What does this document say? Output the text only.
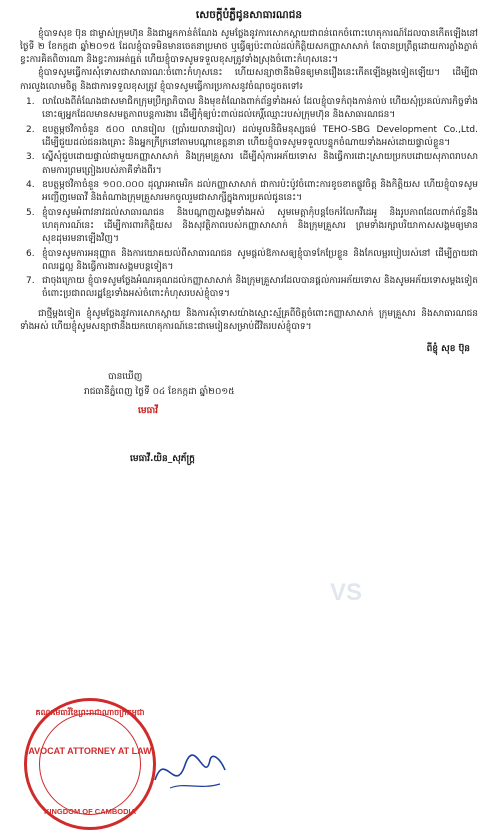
សេចក្តីបំភ្លឺជូនសាធារណជន

ខ្ញុំបាទសុខ ប៊ុន ជាម្ចាស់ក្រុមហ៊ុន និងជាអ្នកកាន់តំណែង សូមថ្លែងនូវការសោកស្តាយជាពន់ពេកចំពោះហេតុការណ៍ដែលបានកើតឡើងនៅថ្ងៃទី ២ ខែកក្កដា ឆ្នាំ២០១៥ ដែលខ្ញុំបាទមិនមានចេតនាប្រមាថ ឬធ្វើឲ្យប៉ះពាល់ដល់កិត្តិយសកញ្ញាសាសាក់ តែបានប្រព្រឹត្តដោយការភ្លាំងភ្លាត់ខ្វះការគិតពិចារណា និងខ្វះការអត់ធ្មត់ ហើយខ្ញុំបាទសូមទទួលខុសត្រូវទាំងស្រុងចំពោះកំហុសនេះ។

ខ្ញុំបាទសូមធ្វើការសុំទោសជាសាធារណៈចំពោះកំហុសនេះ ហើយសន្យាថានឹងមិនឲ្យមានរឿងនេះកើតឡើងម្តងទៀតឡើយ។ ដើម្បីជាការលួងលោមចិត្ត និងជាការទទួលខុសត្រូវ ខ្ញុំបាទសូមធ្វើការប្រកាសនូវចំណុចដូចតទៅ៖

1. លាលែងពីតំណែងជាសមាជិកក្រុមប្រឹក្សាភិបាល និងមុខតំណែងពាក់ព័ន្ធទាំងអស់ ដែលខ្ញុំបាទកំពុងកាន់កាប់ ហើយសុំប្រគល់ភារកិច្ចទាំងនោះឲ្យអ្នកដែលមានសមត្ថភាពបន្តការងារ ដើម្បីកុំឲ្យប៉ះពាល់ដល់កេរ្តិ៍ឈ្មោះរបស់ក្រុមហ៊ុន និងសាធារណជន។
2. ឧបត្ថម្ភថវិកាចំនួន ៥០០ លានរៀល (ប្រាំរយលានរៀល) ដល់មូលនិធិមនុស្សធម៌ TEHO-SBG Development Co.,Ltd. ដើម្បីជួយដល់ជនរងគ្រោះ និងអ្នកក្រីក្រនៅតាមបណ្តាខេត្តនានា ហើយខ្ញុំបាទសូមទទួលបន្ទុកចំណាយទាំងអស់ដោយផ្ទាល់ខ្លួន។
3. ស្នើសុំជួបដោយផ្ទាល់ជាមួយកញ្ញាសាសាក់ និងក្រុមគ្រួសារ ដើម្បីសុំការអភ័យទោស និងធ្វើការដោះស្រាយប្រកបដោយសុភាពរាបសា តាមការព្រមព្រៀងរបស់ភាគីទាំងពីរ។
4. ឧបត្ថម្ភថវិកាចំនួន ១០០.០០០ ដុល្លារអាមេរិក ដល់កញ្ញាសាសាក់ ជាការប៉ះប៉ូវចំពោះការខូចខាតផ្លូវចិត្ត និងកិត្តិយស ហើយខ្ញុំបាទសូមអញ្ជើញមេធាវី និងតំណាងក្រុមគ្រួសារមកចូលរួមជាសាក្សីក្នុងការប្រគល់ជូននេះ។
5. ខ្ញុំបាទសូមអំពាវនាវដល់សាធារណជន និងបណ្តាញសង្គមទាំងអស់ សូមមេត្តាកុំបន្តចែករំលែកវីដេអូ និងរូបភាពដែលពាក់ព័ន្ធនឹងហេតុការណ៍នេះ ដើម្បីការពារកិត្តិយស និងសុវត្ថិភាពរបស់កញ្ញាសាសាក់ និងក្រុមគ្រួសារ ព្រមទាំងរក្សាបរិយាកាសសង្គមឲ្យមានសុខដុមរមនាឡើងវិញ។
6. ខ្ញុំបាទសូមការអនុញ្ញាត និងការយោគយល់ពីសាធារណជន សូមផ្តល់ឱកាសឲ្យខ្ញុំបាទកែប្រែខ្លួន និងកែលម្អរបៀបរស់នៅ ដើម្បីក្លាយជាពលរដ្ឋល្អ និងធ្វើការងារសង្គមបន្តទៀត។
7. ជាចុងក្រោយ ខ្ញុំបាទសូមថ្លែងអំណរគុណដល់កញ្ញាសាសាក់ និងក្រុមគ្រួសារដែលបានផ្តល់ការអភ័យទោស និងសូមអភ័យទោសម្តងទៀតចំពោះប្រជាពលរដ្ឋខ្មែរទាំងអស់ចំពោះកំហុសរបស់ខ្ញុំបាទ។

ជាថ្មីម្តងទៀត ខ្ញុំសូមថ្លែងនូវការសោកស្តាយ និងការសុំទោសយ៉ាងស្មោះស្ម័គ្រពីចិត្តចំពោះកញ្ញាសាសាក់ ក្រុមគ្រួសារ និងសាធារណជនទាំងអស់ ហើយខ្ញុំសូមសន្យាថានឹងយកហេតុការណ៍នេះជាមេរៀនសម្រាប់ជីវិតរបស់ខ្ញុំបាទ។

ពីខ្ញុំ សុខ ប៊ុន
បានឃើញ
រាជធានីភ្នំពេញ ថ្ងៃទី ០៤ ខែកក្កដា ឆ្នាំ២០១៥
មេធាវី
មេធាវី.យិន_សុភ័ក្ត្រ
VS
គណៈមេធាវីនៃព្រះរាជាណាចក្រកម្ពុជា
AVOCAT ATTORNEY AT LAW
KINGDOM OF CAMBODIA
